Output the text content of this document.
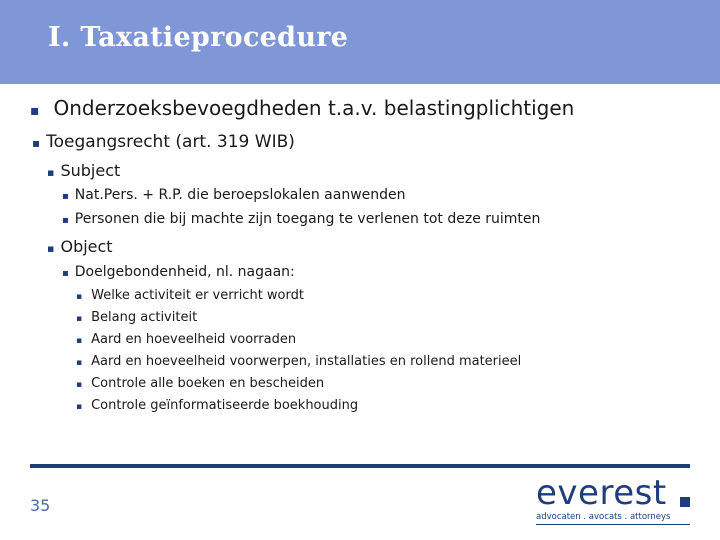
I. Taxatieprocedure
▪ Onderzoeksbevoegdheden t.a.v. belastingplichtigen
▪ Toegangsrecht (art. 319 WIB)
▪ Subject
▪ Nat.Pers. + R.P. die beroepslokalen aanwenden
▪ Personen die bij machte zijn toegang te verlenen tot deze ruimten
▪ Object
▪ Doelgebondenheid, nl. nagaan:
▪ Welke activiteit er verricht wordt
▪ Belang activiteit
▪ Aard en hoeveelheid voorraden
▪ Aard en hoeveelheid voorwerpen, installaties en rollend materieel
▪ Controle alle boeken en bescheiden
▪ Controle geïnformatiseerde boekhouding
35	everest
advocaten . avocats . attorneys
